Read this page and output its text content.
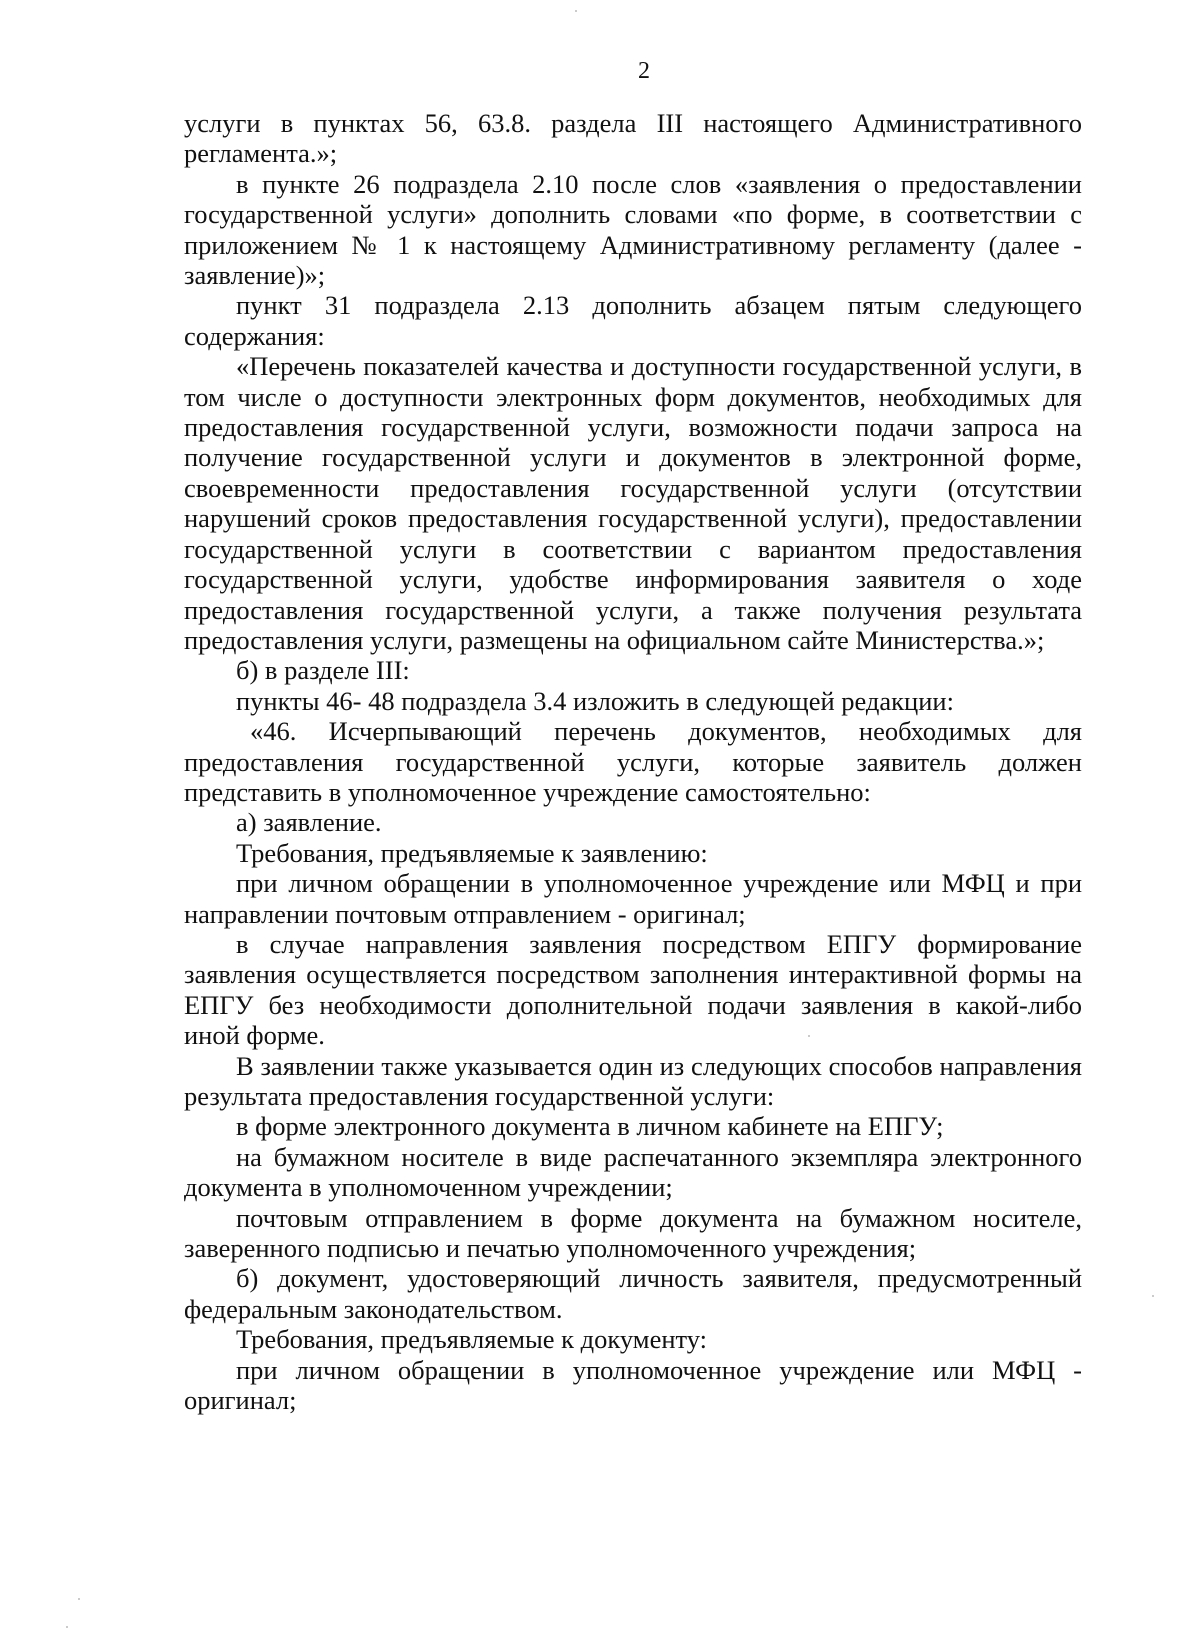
2

услуги в пунктах 56, 63.8. раздела III настоящего Административного регламента.»;

в пункте 26 подраздела 2.10 после слов «заявления о предоставлении государственной услуги» дополнить словами «по форме, в соответствии с приложением № 1 к настоящему Административному регламенту (далее - заявление)»;

пункт 31 подраздела 2.13 дополнить абзацем пятым следующего содержания:

«Перечень показателей качества и доступности государственной услуги, в том числе о доступности электронных форм документов, необходимых для предоставления государственной услуги, возможности подачи запроса на получение государственной услуги и документов в электронной форме, своевременности предоставления государственной услуги (отсутствии нарушений сроков предоставления государственной услуги), предоставлении государственной услуги в соответствии с вариантом предоставления государственной услуги, удобстве информирования заявителя о ходе предоставления государственной услуги, а также получения результата предоставления услуги, размещены на официальном сайте Министерства.»;

б) в разделе III:

пункты 46- 48 подраздела 3.4 изложить в следующей редакции:

«46. Исчерпывающий перечень документов, необходимых для предоставления государственной услуги, которые заявитель должен представить в уполномоченное учреждение самостоятельно:

а) заявление.

Требования, предъявляемые к заявлению:

при личном обращении в уполномоченное учреждение или МФЦ и при направлении почтовым отправлением - оригинал;

в случае направления заявления посредством ЕПГУ формирование заявления осуществляется посредством заполнения интерактивной формы на ЕПГУ без необходимости дополнительной подачи заявления в какой-либо иной форме.

В заявлении также указывается один из следующих способов направления результата предоставления государственной услуги:

в форме электронного документа в личном кабинете на ЕПГУ;

на бумажном носителе в виде распечатанного экземпляра электронного документа в уполномоченном учреждении;

почтовым отправлением в форме документа на бумажном носителе, заверенного подписью и печатью уполномоченного учреждения;

б) документ, удостоверяющий личность заявителя, предусмотренный федеральным законодательством.

Требования, предъявляемые к документу:

при личном обращении в уполномоченное учреждение или МФЦ - оригинал;
